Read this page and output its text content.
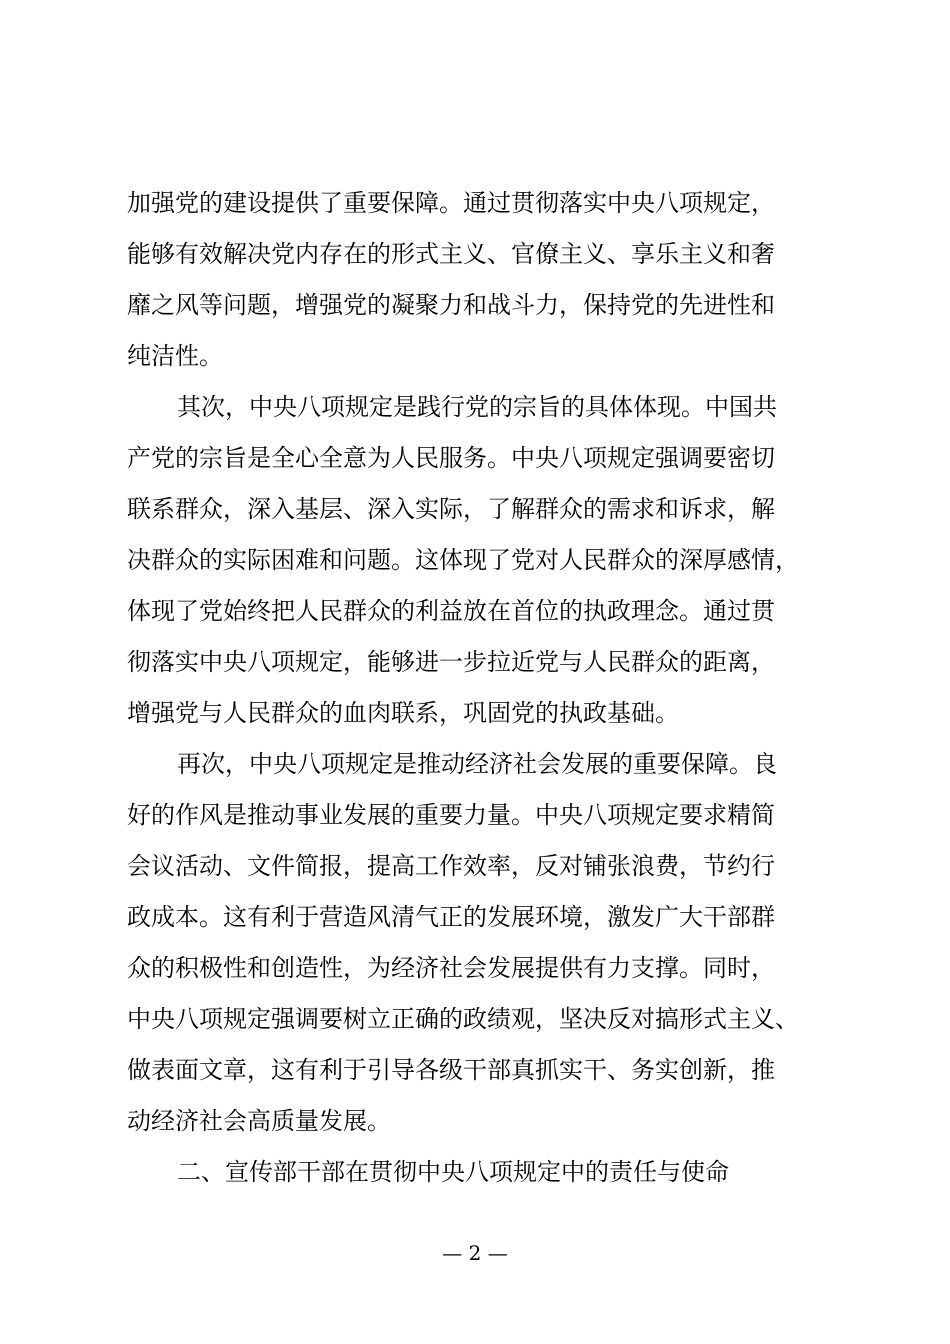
加强党的建设提供了重要保障。通过贯彻落实中央八项规定，
能够有效解决党内存在的形式主义、官僚主义、享乐主义和奢
靡之风等问题，增强党的凝聚力和战斗力，保持党的先进性和
纯洁性。
其次，中央八项规定是践行党的宗旨的具体体现。中国共
产党的宗旨是全心全意为人民服务。中央八项规定强调要密切
联系群众，深入基层、深入实际，了解群众的需求和诉求，解
决群众的实际困难和问题。这体现了党对人民群众的深厚感情，
体现了党始终把人民群众的利益放在首位的执政理念。通过贯
彻落实中央八项规定，能够进一步拉近党与人民群众的距离，
增强党与人民群众的血肉联系，巩固党的执政基础。
再次，中央八项规定是推动经济社会发展的重要保障。良
好的作风是推动事业发展的重要力量。中央八项规定要求精简
会议活动、文件简报，提高工作效率，反对铺张浪费，节约行
政成本。这有利于营造风清气正的发展环境，激发广大干部群
众的积极性和创造性，为经济社会发展提供有力支撑。同时，
中央八项规定强调要树立正确的政绩观，坚决反对搞形式主义、
做表面文章，这有利于引导各级干部真抓实干、务实创新，推
动经济社会高质量发展。
二、宣传部干部在贯彻中央八项规定中的责任与使命
— 2 —
